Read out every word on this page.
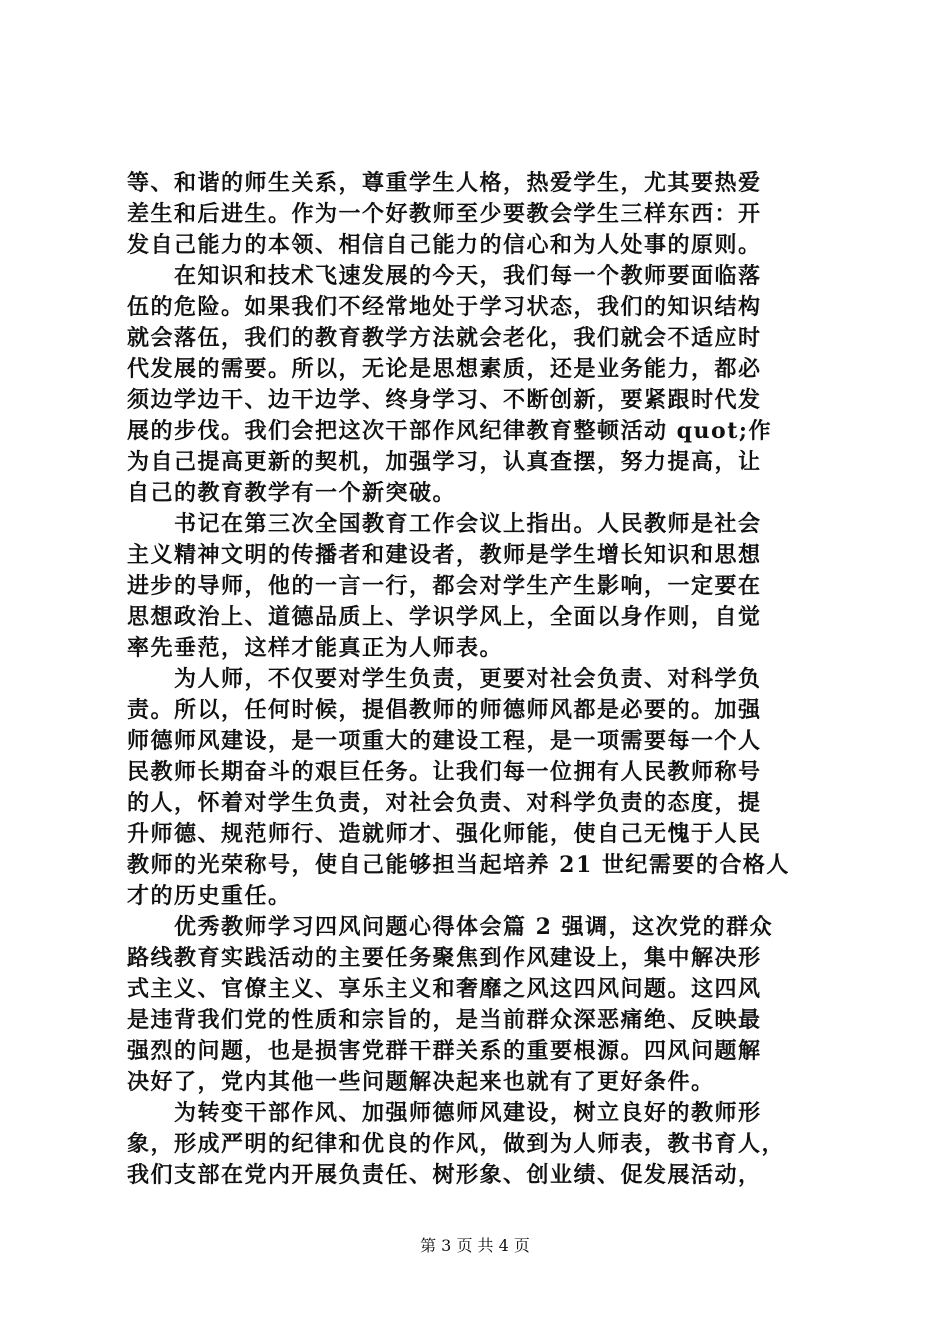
等、和谐的师生关系，尊重学生人格，热爱学生，尤其要热爱
差生和后进生。作为一个好教师至少要教会学生三样东西：开
发自己能力的本领、相信自己能力的信心和为人处事的原则。
　　在知识和技术飞速发展的今天，我们每一个教师要面临落
伍的危险。如果我们不经常地处于学习状态，我们的知识结构
就会落伍，我们的教育教学方法就会老化，我们就会不适应时
代发展的需要。所以，无论是思想素质，还是业务能力，都必
须边学边干、边干边学、终身学习、不断创新，要紧跟时代发
展的步伐。我们会把这次干部作风纪律教育整顿活动 quot;作
为自己提高更新的契机，加强学习，认真查摆，努力提高，让
自己的教育教学有一个新突破。
　　书记在第三次全国教育工作会议上指出。人民教师是社会
主义精神文明的传播者和建设者，教师是学生增长知识和思想
进步的导师，他的一言一行，都会对学生产生影响，一定要在
思想政治上、道德品质上、学识学风上，全面以身作则，自觉
率先垂范，这样才能真正为人师表。
　　为人师，不仅要对学生负责，更要对社会负责、对科学负
责。所以，任何时候，提倡教师的师德师风都是必要的。加强
师德师风建设，是一项重大的建设工程，是一项需要每一个人
民教师长期奋斗的艰巨任务。让我们每一位拥有人民教师称号
的人，怀着对学生负责，对社会负责、对科学负责的态度，提
升师德、规范师行、造就师才、强化师能，使自己无愧于人民
教师的光荣称号，使自己能够担当起培养 21 世纪需要的合格人
才的历史重任。
　　优秀教师学习四风问题心得体会篇 2 强调，这次党的群众
路线教育实践活动的主要任务聚焦到作风建设上，集中解决形
式主义、官僚主义、享乐主义和奢靡之风这四风问题。这四风
是违背我们党的性质和宗旨的，是当前群众深恶痛绝、反映最
强烈的问题，也是损害党群干群关系的重要根源。四风问题解
决好了，党内其他一些问题解决起来也就有了更好条件。
　　为转变干部作风、加强师德师风建设，树立良好的教师形
象，形成严明的纪律和优良的作风，做到为人师表，教书育人，
我们支部在党内开展负责任、树形象、创业绩、促发展活动，
第 3 页 共 4 页
